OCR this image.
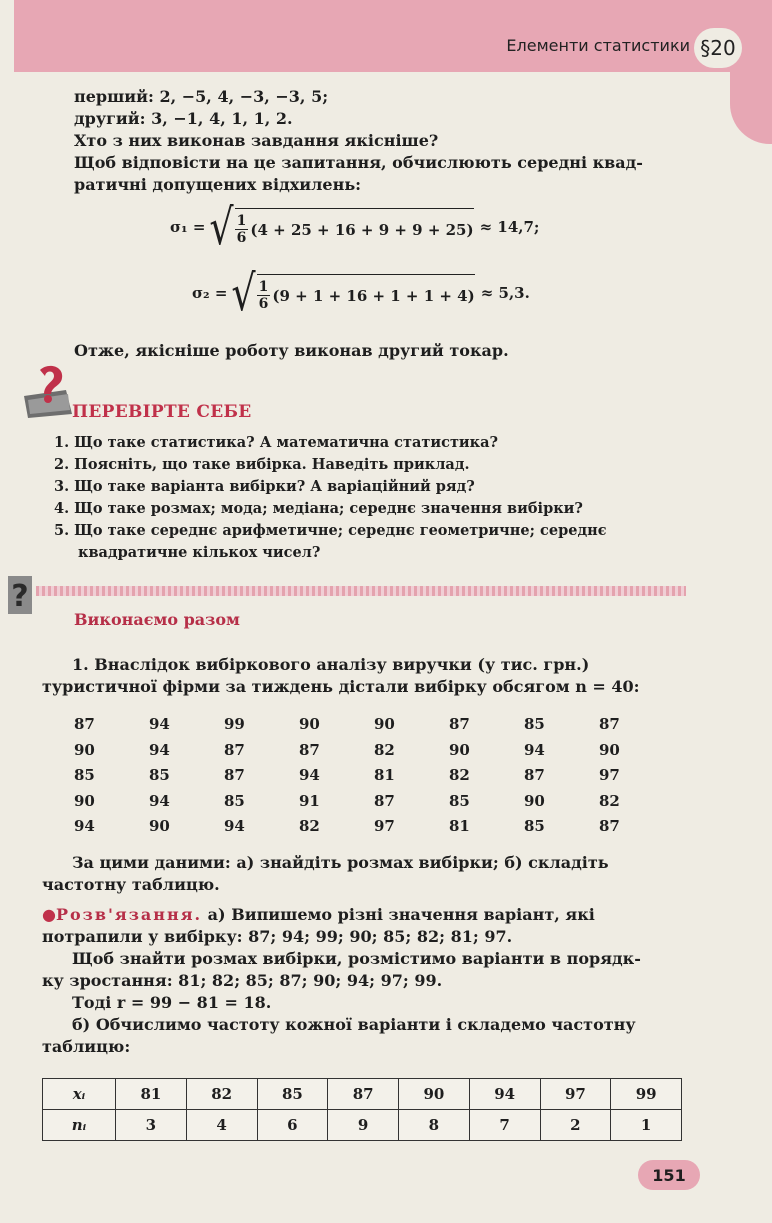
Елементи статистики §20
перший: 2, −5, 4, −3, −3, 5;
другий: 3, −1, 4, 1, 1, 2.
Хто з них виконав завдання якісніше?
Щоб відповісти на це запитання, обчислюють середні квад-
ратичні допущених відхилень:
σ₁ = √ $\frac{1}{6} (4 + 25 + 16 + 9 + 9 + 25) \approx 14,7$;
σ₂ = √ $\frac{1}{6} (9 + 1 + 16 + 1 + 1 + 4) \approx 5,3$.
Отже, якісніше роботу виконав другий токар.
ПЕРЕВІРТЕ СЕБЕ
1. Що таке статистика? А математична статистика?
2. Поясніть, що таке вибірка. Наведіть приклад.
3. Що таке варіанта вибірки? А варіаційний ряд?
4. Що таке розмах; мода; медіана; середнє значення вибірки?
5. Що таке середнє арифметичне; середнє геометричне; середнє
квадратичне кількох чисел?
?
Виконаємо разом
1. Внаслідок вибіркового аналізу виручки (у тис. грн.)
туристичної фірми за тиждень дістали вибірку обсягом n = 40:
87	94	99	90	90	87	85	87
90	94	87	87	82	90	94	90
85	85	87	94	81	82	87	97
90	94	85	91	87	85	90	82
94	90	94	82	97	81	85	87
За цими даними: а) знайдіть розмах вибірки; б) складіть
частотну таблицю.
●Розв'язання. а) Випишемо різні значення варіант, які
потрапили у вибірку: 87; 94; 99; 90; 85; 82; 81; 97.
Щоб знайти розмах вибірки, розмістимо варіанти в порядк-
ку зростання: 81; 82; 85; 87; 90; 94; 97; 99.
Тоді r = 99 − 81 = 18.
б) Обчислимо частоту кожної варіанти і складемо частотну
таблицю:
xᵢ	81	82	85	87	90	94	97	99
nᵢ	3	4	6	9	8	7	2	1
151
